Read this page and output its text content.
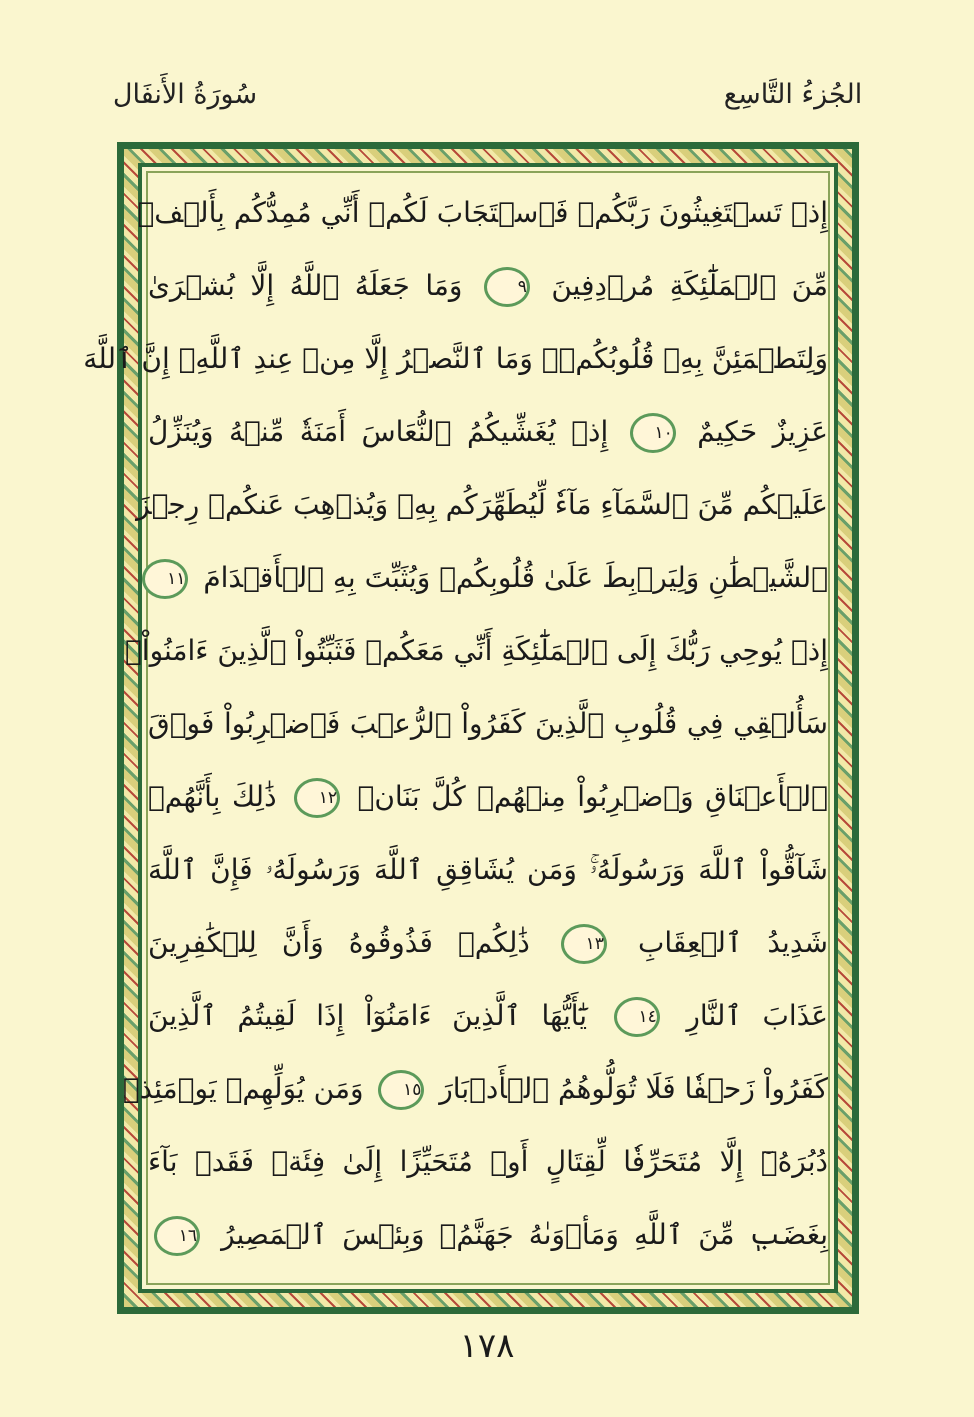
سُورَةُ الأَنفَال	الجُزءُ التَّاسِع
إِذۡ تَسۡتَغِيثُونَ رَبَّكُمۡ فَٱسۡتَجَابَ لَكُمۡ أَنِّي مُمِدُّكُم بِأَلۡفٖ
مِّنَ ٱلۡمَلَٰٓئِكَةِ مُرۡدِفِينَ ٩ وَمَا جَعَلَهُ ٱللَّهُ إِلَّا بُشۡرَىٰ
وَلِتَطۡمَئِنَّ بِهِۦ قُلُوبُكُمۡۚ وَمَا ٱلنَّصۡرُ إِلَّا مِنۡ عِندِ ٱللَّهِۚ إِنَّ ٱللَّهَ
عَزِيزٌ حَكِيمٌ ١٠ إِذۡ يُغَشِّيكُمُ ٱلنُّعَاسَ أَمَنَةٗ مِّنۡهُ وَيُنَزِّلُ
عَلَيۡكُم مِّنَ ٱلسَّمَآءِ مَآءٗ لِّيُطَهِّرَكُم بِهِۦ وَيُذۡهِبَ عَنكُمۡ رِجۡزَ
ٱلشَّيۡطَٰنِ وَلِيَرۡبِطَ عَلَىٰ قُلُوبِكُمۡ وَيُثَبِّتَ بِهِ ٱلۡأَقۡدَامَ ١١
إِذۡ يُوحِي رَبُّكَ إِلَى ٱلۡمَلَٰٓئِكَةِ أَنِّي مَعَكُمۡ فَثَبِّتُواْ ٱلَّذِينَ ءَامَنُواْۚ
سَأُلۡقِي فِي قُلُوبِ ٱلَّذِينَ كَفَرُواْ ٱلرُّعۡبَ فَٱضۡرِبُواْ فَوۡقَ
ٱلۡأَعۡنَاقِ وَٱضۡرِبُواْ مِنۡهُمۡ كُلَّ بَنَانٖ ١٢ ذَٰلِكَ بِأَنَّهُمۡ
شَآقُّواْ ٱللَّهَ وَرَسُولَهُۥۚ وَمَن يُشَاقِقِ ٱللَّهَ وَرَسُولَهُۥ فَإِنَّ ٱللَّهَ
شَدِيدُ ٱلۡعِقَابِ ١٣ ذَٰلِكُمۡ فَذُوقُوهُ وَأَنَّ لِلۡكَٰفِرِينَ
عَذَابَ ٱلنَّارِ ١٤ يَٰٓأَيُّهَا ٱلَّذِينَ ءَامَنُوٓاْ إِذَا لَقِيتُمُ ٱلَّذِينَ
كَفَرُواْ زَحۡفٗا فَلَا تُوَلُّوهُمُ ٱلۡأَدۡبَارَ ١٥ وَمَن يُوَلِّهِمۡ يَوۡمَئِذٖ
دُبُرَهُۥٓ إِلَّا مُتَحَرِّفٗا لِّقِتَالٍ أَوۡ مُتَحَيِّزًا إِلَىٰ فِئَةٖ فَقَدۡ بَآءَ
بِغَضَبٖ مِّنَ ٱللَّهِ وَمَأۡوَىٰهُ جَهَنَّمُۖ وَبِئۡسَ ٱلۡمَصِيرُ ١٦
١٧٨
